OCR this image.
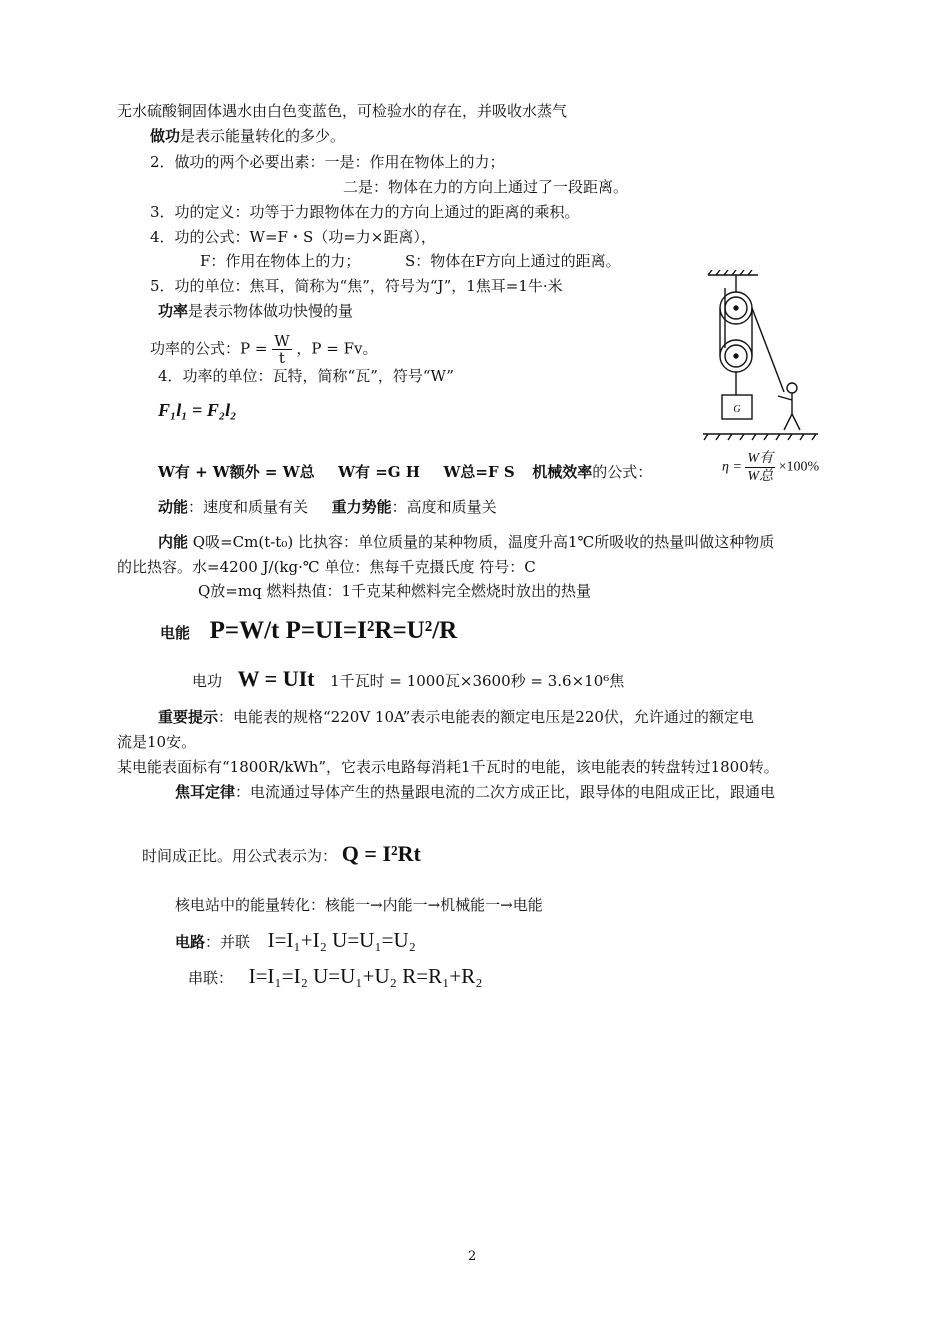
无水硫酸铜固体遇水由白色变蓝色，可检验水的存在，并吸收水蒸气
做功是表示能量转化的多少。
2．做功的两个必要出素：一是：作用在物体上的力；
二是：物体在力的方向上通过了一段距离。
3．功的定义：功等于力跟物体在力的方向上通过的距离的乘积。
4．功的公式：W=F・S（功=力×距离），
F：作用在物体上的力；	S：物体在F方向上通过的距离。
5．功的单位：焦耳，简称为“焦”，符号为“J”，1焦耳=1牛·米
功率是表示物体做功快慢的量
功率的公式：$P = \frac{W}{t}$ ，P = Fv。
4．功率的单位：瓦特，简称“瓦”，符号“W”
F₁l₁ = F₂l₂
W有 + W额外 = W总 W有 =G H W总=F S 机械效率的公式：
动能：速度和质量有关 重力势能：高度和质量关
内能 Q吸=Cm(t-t₀) 比执容：单位质量的某种物质，温度升高1℃所吸收的热量叫做这种物质
的比热容。水=4200 J/(kg·℃ 单位：焦每千克摄氏度 符号：C
Q放=mq 燃料热值：1千克某种燃料完全燃烧时放出的热量
电能 P=W/t P=UI=I²R=U²/R
电功 W = UIt 1千瓦时 = 1000瓦×3600秒 = 3.6×10⁶焦
重要提示：电能表的规格“220V 10A”表示电能表的额定电压是220伏，允许通过的额定电
流是10安。
某电能表面标有“1800R/kWh”，它表示电路每消耗1千瓦时的电能，该电能表的转盘转过1800转。
焦耳定律：电流通过导体产生的热量跟电流的二次方成正比，跟导体的电阻成正比，跟通电
时间成正比。用公式表示为： Q = I²Rt
核电站中的能量转化：核能一→内能一→机械能一→电能
电路：并联 I=I₁+I₂ U=U₁=U₂
串联： I=I₁=I₂ U=U₁+U₂ R=R₁+R₂
2
G
$\eta = \frac{\text{W有}}{\text{W总}} \times 100\%$
